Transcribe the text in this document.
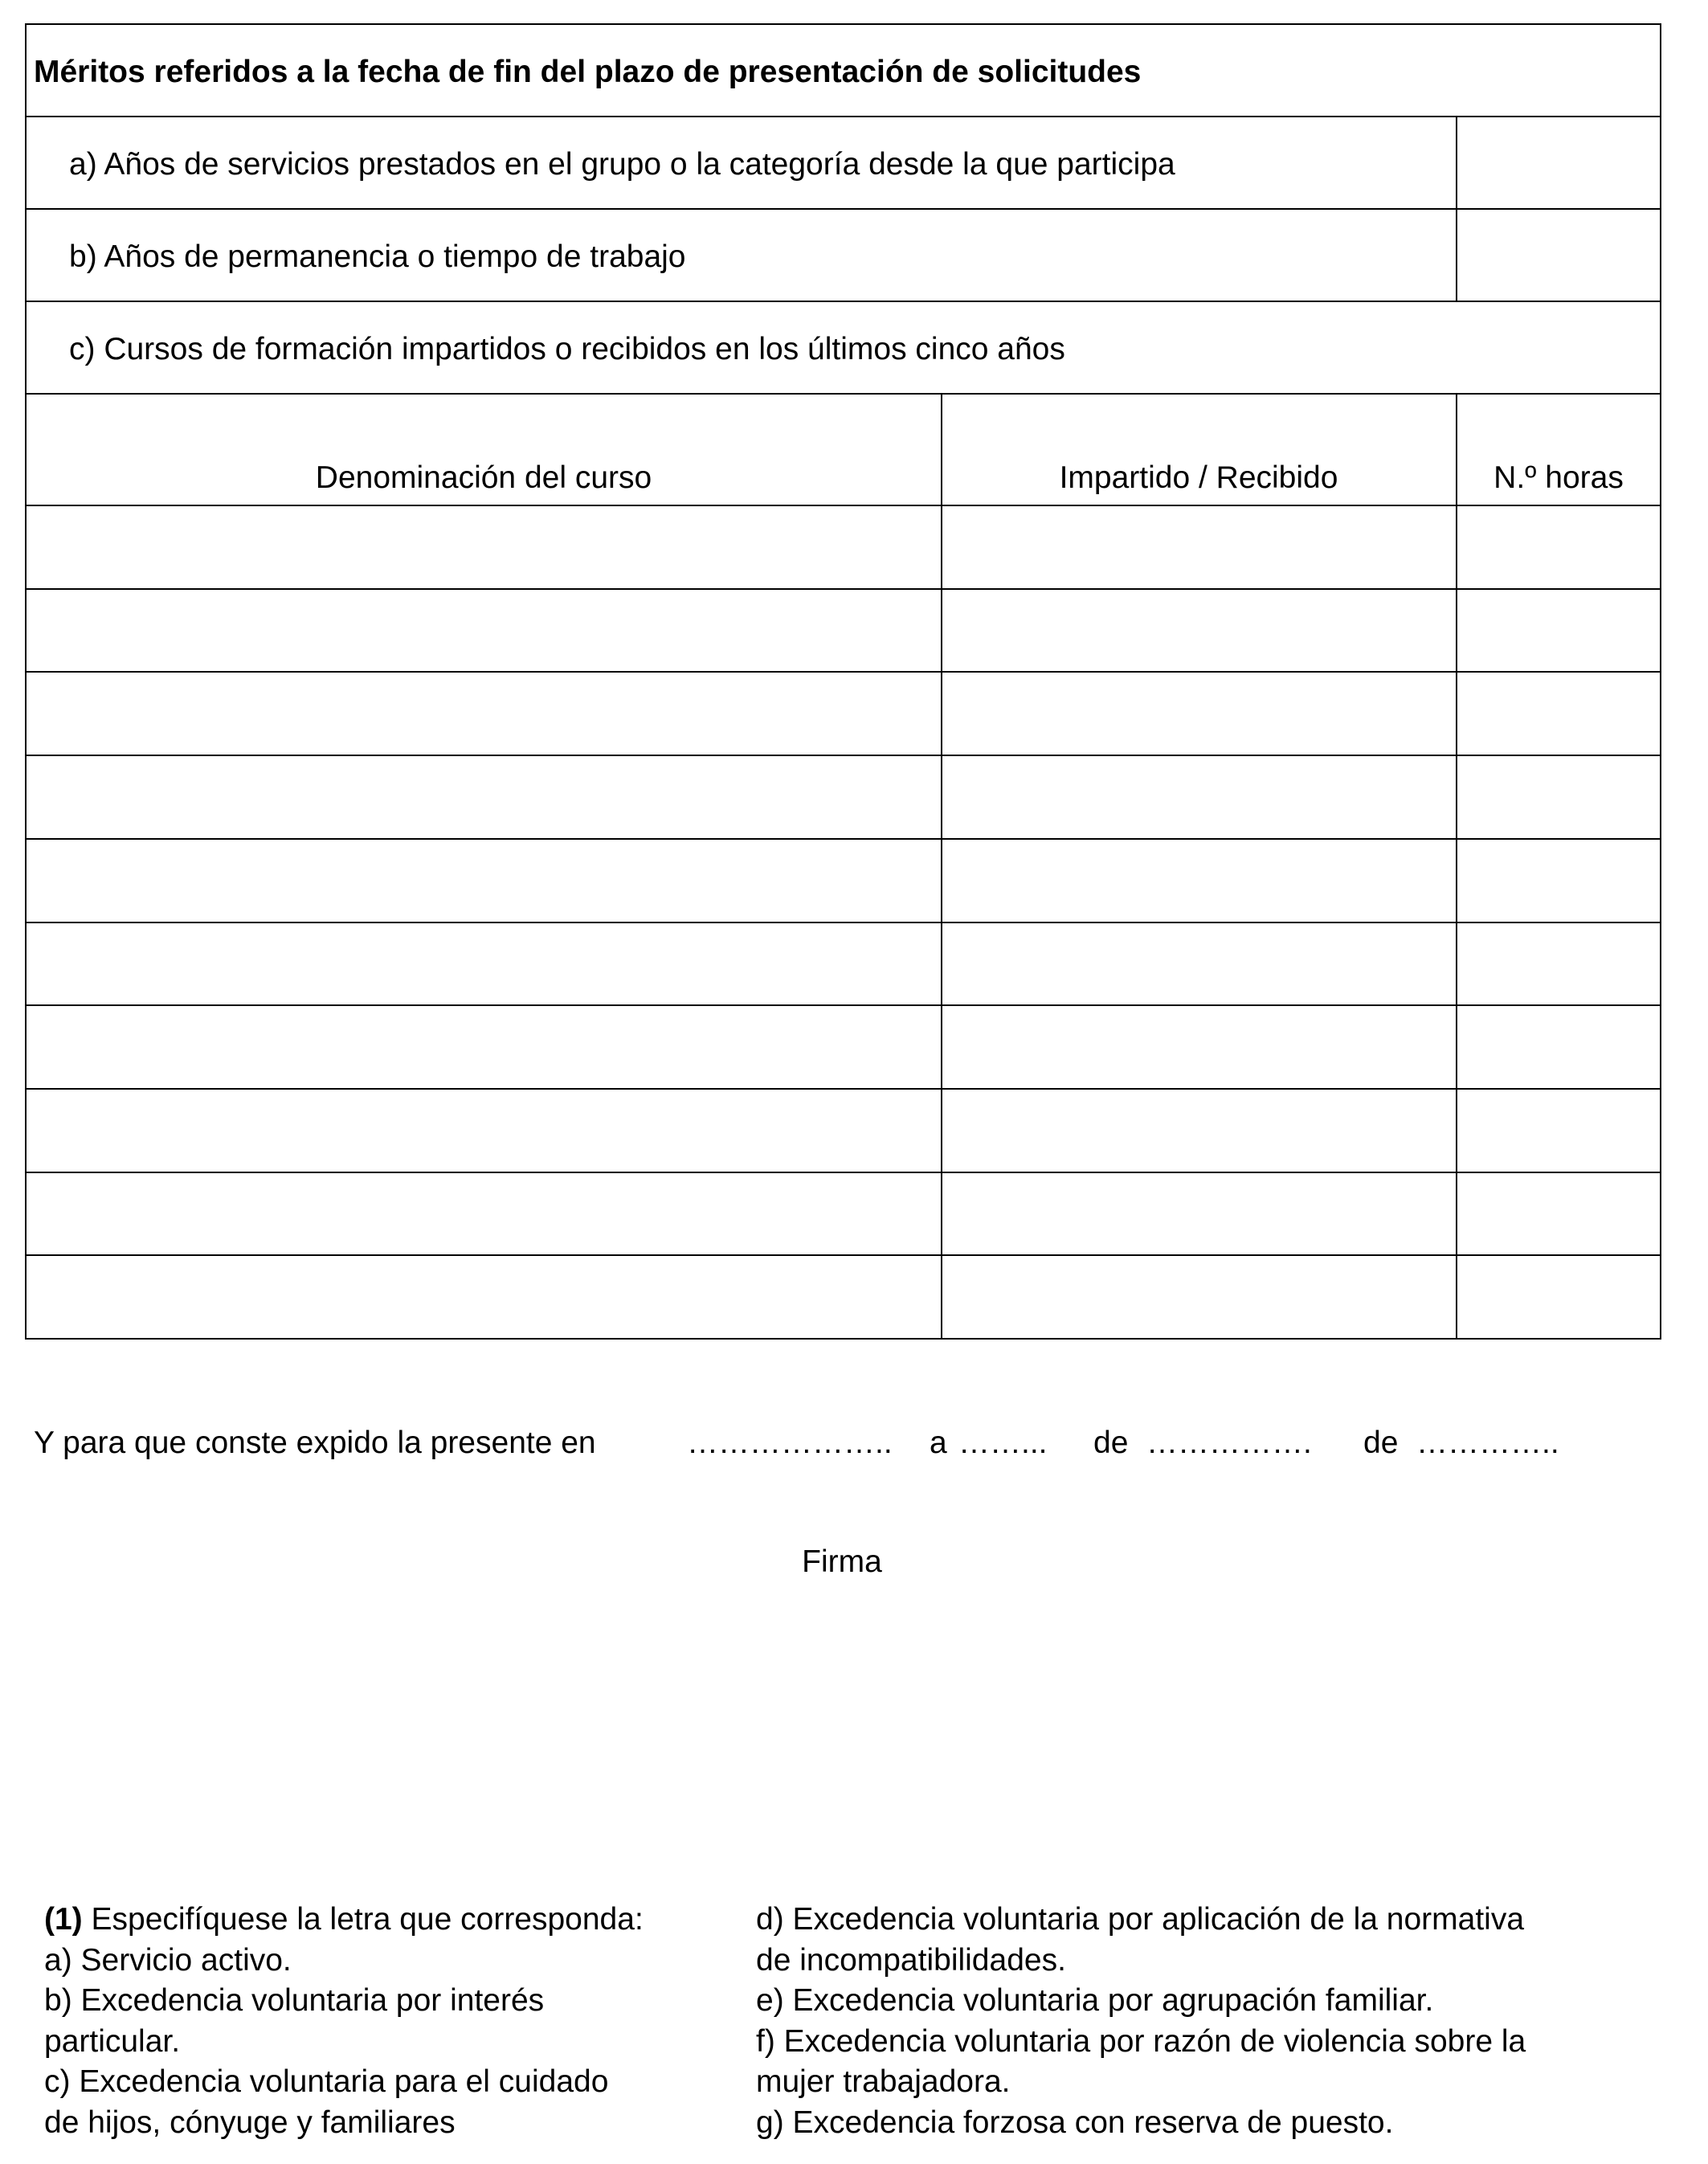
Méritos referidos a la fecha de fin del plazo de presentación de solicitudes
a) Años de servicios prestados en el grupo o la categoría desde la que participa
b) Años de permanencia o tiempo de trabajo
c) Cursos de formación impartidos o recibidos en los últimos cinco años
Denominación del curso	Impartido / Recibido	N.º horas
Y para que conste expido la presente en	……………….. a ……... de ……………. de …………..
Firma
(1) Especifíquese la letra que corresponda:
a) Servicio activo.
b) Excedencia voluntaria por interés
particular.
c) Excedencia voluntaria para el cuidado
de hijos, cónyuge y familiares
d) Excedencia voluntaria por aplicación de la normativa
de incompatibilidades.
e) Excedencia voluntaria por agrupación familiar.
f) Excedencia voluntaria por razón de violencia sobre la
mujer trabajadora.
g) Excedencia forzosa con reserva de puesto.
